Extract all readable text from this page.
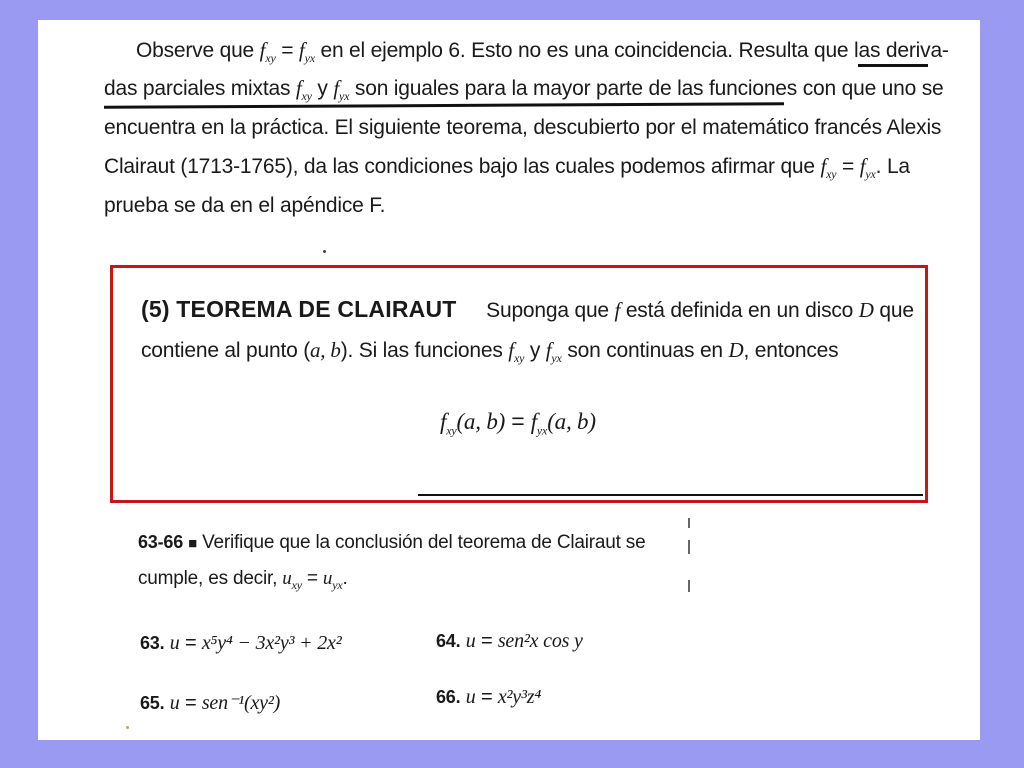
Observe que $f_{xy} = f_{yx}$ en el ejemplo 6. Esto no es una coincidencia. Resulta que las deriva-
das parciales mixtas $f_{xy}$ y $f_{yx}$ son iguales para la mayor parte de las funciones con que uno se
encuentra en la práctica. El siguiente teorema, descubierto por el matemático francés Alexis
Clairaut (1713-1765), da las condiciones bajo las cuales podemos afirmar que $f_{xy} = f_{yx}$. La
prueba se da en el apéndice F.
(5) TEOREMA DE CLAIRAUT Suponga que f está definida en un disco D que
contiene al punto (a, b). Si las funciones $f_{xy}$ y $f_{yx}$ son continuas en D, entonces
$f_{xy}(a$, $b) = f_{yx}(a$, b)
63-66 ■ Verifique que la conclusión del teorema de Clairaut se
cumple, es decir, $u_{xy} = u_{yx}$.
63. u = x⁵y⁴ − 3x²y³ + 2x²	64. u = sen²x cos y
65. u = sen⁻¹(xy²)	66. u = x²y³z⁴
